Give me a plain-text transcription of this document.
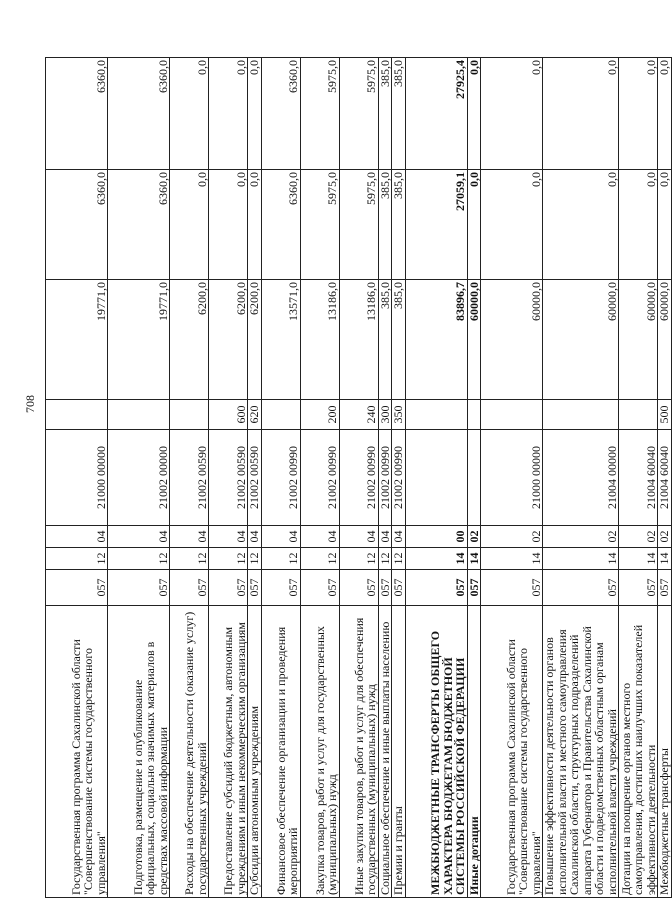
708
Государственная программа Сахалинской области "Совершенствование системы государственного управления"	057	12	04	21000 00000		19771,0	6360,0	6360,0
Подготовка, размещение и опубликование официальных, социально значимых материалов в средствах массовой информации	057	12	04	21002 00000		19771,0	6360,0	6360,0
Расходы на обеспечение деятельности (оказание услуг) государственных учреждений	057	12	04	21002 00590		6200,0	0,0	0,0
Предоставление субсидий бюджетным, автономным учреждениям и иным некоммерческим организациям	057	12	04	21002 00590	600	6200,0	0,0	0,0
Субсидии автономным учреждениям	057	12	04	21002 00590	620	6200,0	0,0	0,0
Финансовое обеспечение организации и проведения мероприятий	057	12	04	21002 00990		13571,0	6360,0	6360,0
Закупка товаров, работ и услуг для государственных (муниципальных) нужд	057	12	04	21002 00990	200	13186,0	5975,0	5975,0
Иные закупки товаров, работ и услуг для обеспечения государственных (муниципальных) нужд	057	12	04	21002 00990	240	13186,0	5975,0	5975,0
Социальное обеспечение и иные выплаты населению	057	12	04	21002 00990	300	385,0	385,0	385,0
Премии и гранты	057	12	04	21002 00990	350	385,0	385,0	385,0
МЕЖБЮДЖЕТНЫЕ ТРАНСФЕРТЫ ОБЩЕГО ХАРАКТЕРА БЮДЖЕТАМ БЮДЖЕТНОЙ СИСТЕМЫ РОССИЙСКОЙ ФЕДЕРАЦИИ	057	14	00			83896,7	27059,1	27925,4
Иные дотации	057	14	02			60000,0	0,0	0,0
Государственная программа Сахалинской области "Совершенствование системы государственного управления"	057	14	02	21000 00000		60000,0	0,0	0,0
Повышение эффективности деятельности органов исполнительной власти и местного самоуправления Сахалинской области, структурных подразделений аппарата Губернатора и Правительства Сахалинской области и подведомственных областным органам исполнительной власти учреждений	057	14	02	21004 00000		60000,0	0,0	0,0
Дотации на поощрение органов местного самоуправления, достигших наилучших показателей эффективности деятельности	057	14	02	21004 60040		60000,0	0,0	0,0
Межбюджетные трансферты	057	14	02	21004 60040	500	60000,0	0,0	0,0
